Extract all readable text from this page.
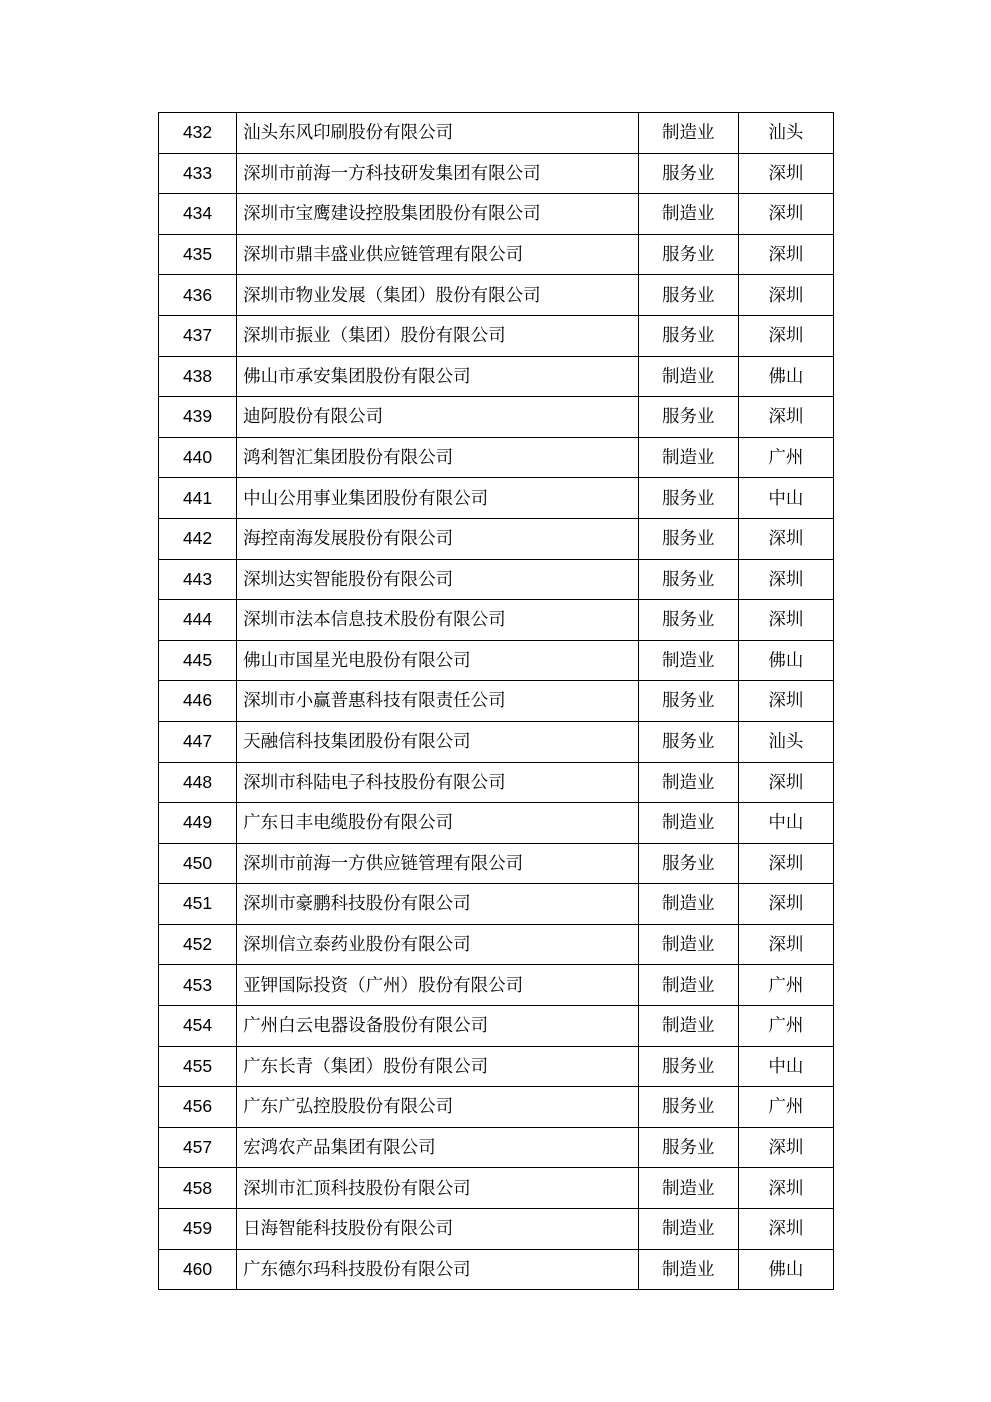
432	汕头东风印刷股份有限公司	制造业	汕头
433	深圳市前海一方科技研发集团有限公司	服务业	深圳
434	深圳市宝鹰建设控股集团股份有限公司	制造业	深圳
435	深圳市鼎丰盛业供应链管理有限公司	服务业	深圳
436	深圳市物业发展（集团）股份有限公司	服务业	深圳
437	深圳市振业（集团）股份有限公司	服务业	深圳
438	佛山市承安集团股份有限公司	制造业	佛山
439	迪阿股份有限公司	服务业	深圳
440	鸿利智汇集团股份有限公司	制造业	广州
441	中山公用事业集团股份有限公司	服务业	中山
442	海控南海发展股份有限公司	服务业	深圳
443	深圳达实智能股份有限公司	服务业	深圳
444	深圳市法本信息技术股份有限公司	服务业	深圳
445	佛山市国星光电股份有限公司	制造业	佛山
446	深圳市小赢普惠科技有限责任公司	服务业	深圳
447	天融信科技集团股份有限公司	服务业	汕头
448	深圳市科陆电子科技股份有限公司	制造业	深圳
449	广东日丰电缆股份有限公司	制造业	中山
450	深圳市前海一方供应链管理有限公司	服务业	深圳
451	深圳市豪鹏科技股份有限公司	制造业	深圳
452	深圳信立泰药业股份有限公司	制造业	深圳
453	亚钾国际投资（广州）股份有限公司	制造业	广州
454	广州白云电器设备股份有限公司	制造业	广州
455	广东长青（集团）股份有限公司	服务业	中山
456	广东广弘控股股份有限公司	服务业	广州
457	宏鸿农产品集团有限公司	服务业	深圳
458	深圳市汇顶科技股份有限公司	制造业	深圳
459	日海智能科技股份有限公司	制造业	深圳
460	广东德尔玛科技股份有限公司	制造业	佛山
